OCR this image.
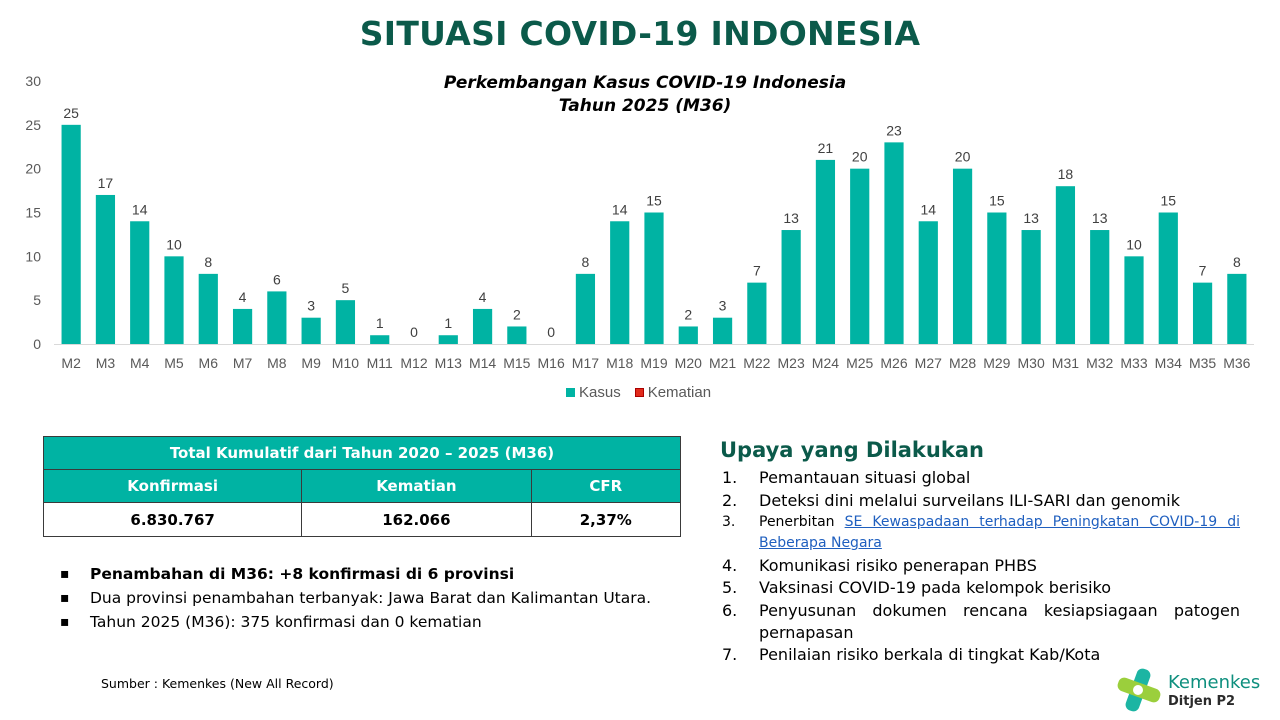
SITUASI COVID-19 INDONESIA
Perkembangan Kasus COVID-19 Indonesia
Tahun 2025 (M36)
0
5
10
15
20
25
30
25
M2
17
M3
14
M4
10
M5
8
M6
4
M7
6
M8
3
M9
5
M10
1
M11
0
M12
1
M13
4
M14
2
M15
0
M16
8
M17
14
M18
15
M19
2
M20
3
M21
7
M22
13
M23
21
M24
20
M25
23
M26
14
M27
20
M28
15
M29
13
M30
18
M31
13
M32
10
M33
15
M34
7
M35
8
M36
Kasus Kematian
Total Kumulatif dari Tahun 2020 – 2025 (M36)		
Konfirmasi	Kematian	CFR
6.830.767	162.066	2,37%
▪ Penambahan di M36: +8 konfirmasi di 6 provinsi
▪ Dua provinsi penambahan terbanyak: Jawa Barat dan Kalimantan Utara.
▪ Tahun 2025 (M36): 375 konfirmasi dan 0 kematian
Sumber : Kemenkes (New All Record)
Upaya yang Dilakukan
1. Pemantauan situasi global
2. Deteksi dini melalui surveilans ILI-SARI dan genomik
3. Penerbitan SE Kewaspadaan terhadap Peningkatan COVID-19 di Beberapa Negara
4. Komunikasi risiko penerapan PHBS
5. Vaksinasi COVID-19 pada kelompok berisiko
6. Penyusunan dokumen rencana kesiapsiagaan patogen pernapasan
7. Penilaian risiko berkala di tingkat Kab/Kota
Kemenkes
Ditjen P2
